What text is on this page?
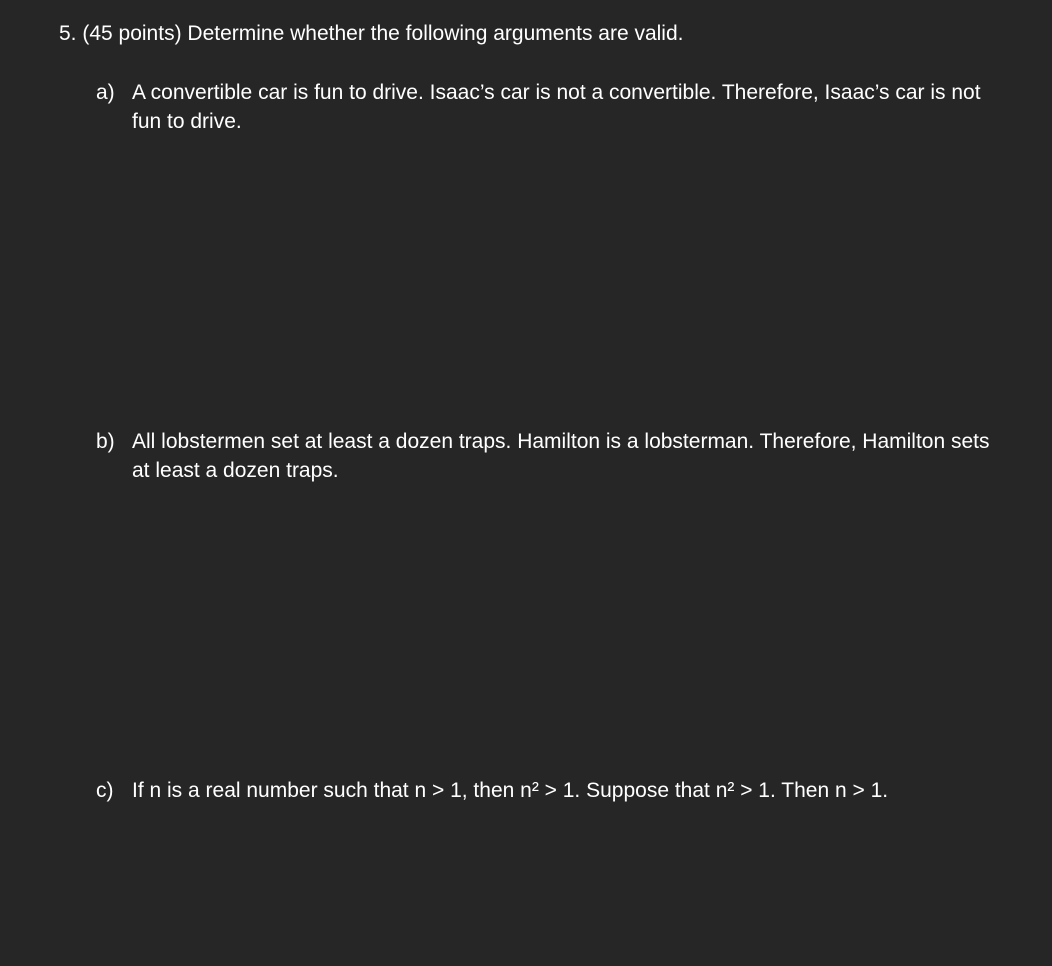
5. (45 points) Determine whether the following arguments are valid.
a) A convertible car is fun to drive. Isaac’s car is not a convertible. Therefore, Isaac’s car is not fun to drive.
b) All lobstermen set at least a dozen traps. Hamilton is a lobsterman. Therefore, Hamilton sets at least a dozen traps.
c) If n is a real number such that n > 1, then n² > 1. Suppose that n² > 1. Then n > 1.
